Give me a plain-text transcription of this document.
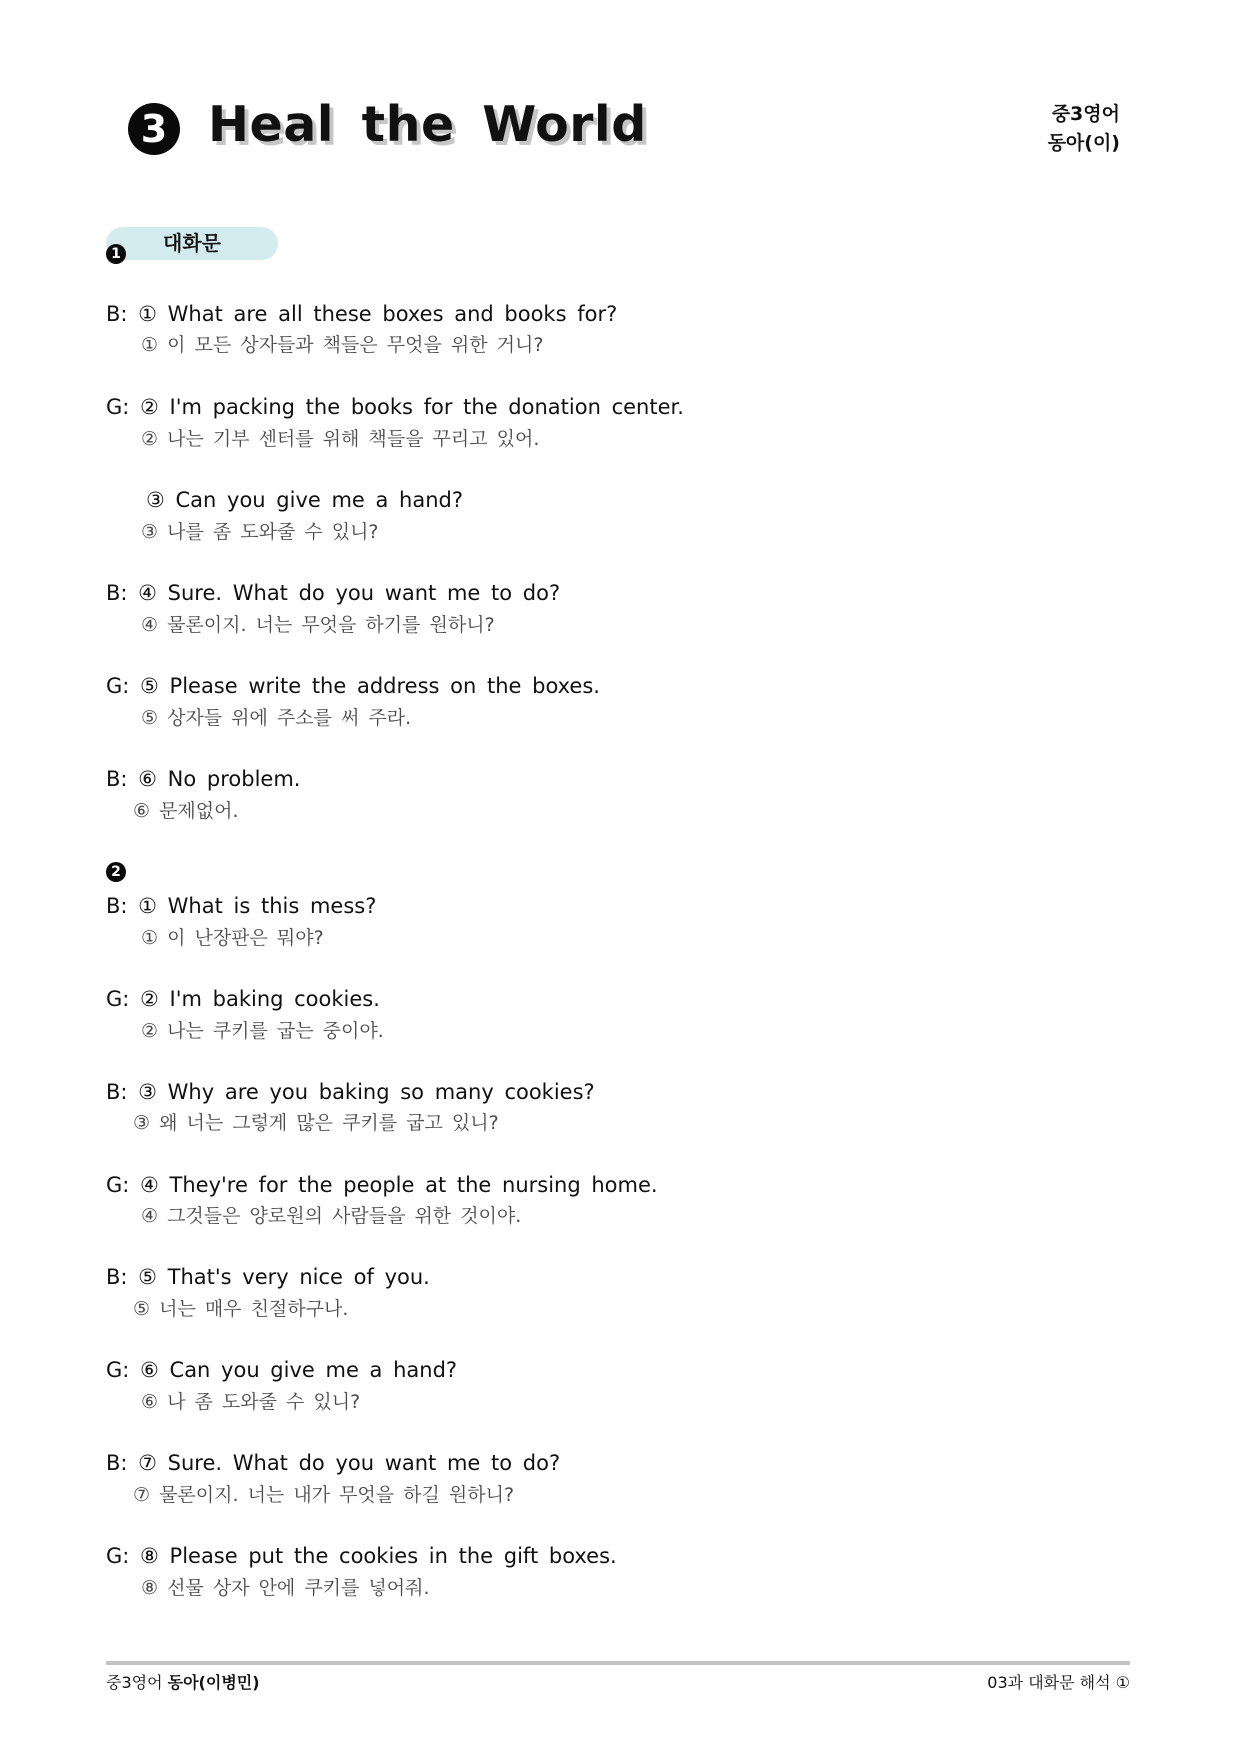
3 Heal the World	중3영어
동아(이)
대화문
1
B: ① What are all these boxes and books for?
① 이 모든 상자들과 책들은 무엇을 위한 거니?
G: ② I'm packing the books for the donation center.
② 나는 기부 센터를 위해 책들을 꾸리고 있어.
③ Can you give me a hand?
③ 나를 좀 도와줄 수 있니?
B: ④ Sure. What do you want me to do?
④ 물론이지. 너는 무엇을 하기를 원하니?
G: ⑤ Please write the address on the boxes.
⑤ 상자들 위에 주소를 써 주라.
B: ⑥ No problem.
⑥ 문제없어.
2
B: ① What is this mess?
① 이 난장판은 뭐야?
G: ② I'm baking cookies.
② 나는 쿠키를 굽는 중이야.
B: ③ Why are you baking so many cookies?
③ 왜 너는 그렇게 많은 쿠키를 굽고 있니?
G: ④ They're for the people at the nursing home.
④ 그것들은 양로원의 사람들을 위한 것이야.
B: ⑤ That's very nice of you.
⑤ 너는 매우 친절하구나.
G: ⑥ Can you give me a hand?
⑥ 나 좀 도와줄 수 있니?
B: ⑦ Sure. What do you want me to do?
⑦ 물론이지. 너는 내가 무엇을 하길 원하니?
G: ⑧ Please put the cookies in the gift boxes.
⑧ 선물 상자 안에 쿠키를 넣어줘.
중3영어 동아(이병민)	03과 대화문 해석 ①
